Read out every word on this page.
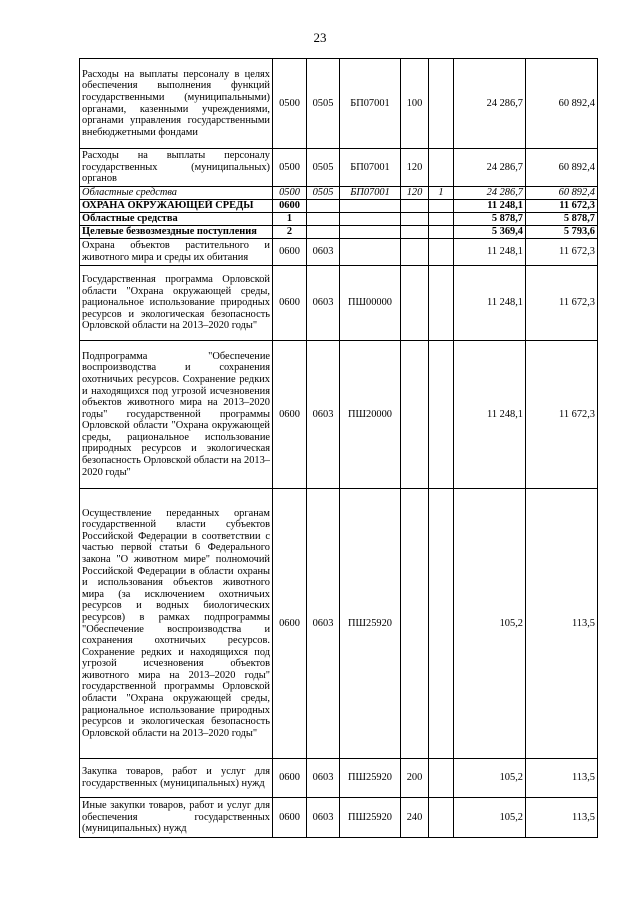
23
Расходы на выплаты персоналу в целях обеспечения выполнения функций государственными (муниципальными) органами, казенными учреждениями, органами управления государственными внебюджетными фондами	0500	0505	БП07001	100		24 286,7	60 892,4
Расходы на выплаты персоналу государственных (муниципальных) органов	0500	0505	БП07001	120		24 286,7	60 892,4
Областные средства	0500	0505	БП07001	120	1	24 286,7	60 892,4
ОХРАНА ОКРУЖАЮЩЕЙ СРЕДЫ	0600					11 248,1	11 672,3
Областные средства	1					5 878,7	5 878,7
Целевые безвозмездные поступления	2					5 369,4	5 793,6
Охрана объектов растительного и животного мира и среды их обитания	0600	0603				11 248,1	11 672,3
Государственная программа Орловской области "Охрана окружающей среды, рациональное использование природных ресурсов и экологическая безопасность Орловской области на 2013–2020 годы"	0600	0603	ПШ00000			11 248,1	11 672,3
Подпрограмма "Обеспечение воспроизводства и сохранения охотничьих ресурсов. Сохранение редких и находящихся под угрозой исчезновения объектов животного мира на 2013–2020 годы" государственной программы Орловской области "Охрана окружающей среды, рациональное использование природных ресурсов и экологическая безопасность Орловской области на 2013–2020 годы"	0600	0603	ПШ20000			11 248,1	11 672,3
Осуществление переданных органам государственной власти субъектов Российской Федерации в соответствии с частью первой статьи 6 Федерального закона "О животном мире" полномочий Российской Федерации в области охраны и использования объектов животного мира (за исключением охотничьих ресурсов и водных биологических ресурсов) в рамках подпрограммы "Обеспечение воспроизводства и сохранения охотничьих ресурсов. Сохранение редких и находящихся под угрозой исчезновения объектов животного мира на 2013–2020 годы" государственной программы Орловской области "Охрана окружающей среды, рациональное использование природных ресурсов и экологическая безопасность Орловской области на 2013–2020 годы"	0600	0603	ПШ25920			105,2	113,5
Закупка товаров, работ и услуг для государственных (муниципальных) нужд	0600	0603	ПШ25920	200		105,2	113,5
Иные закупки товаров, работ и услуг для обеспечения государственных (муниципальных) нужд	0600	0603	ПШ25920	240		105,2	113,5
